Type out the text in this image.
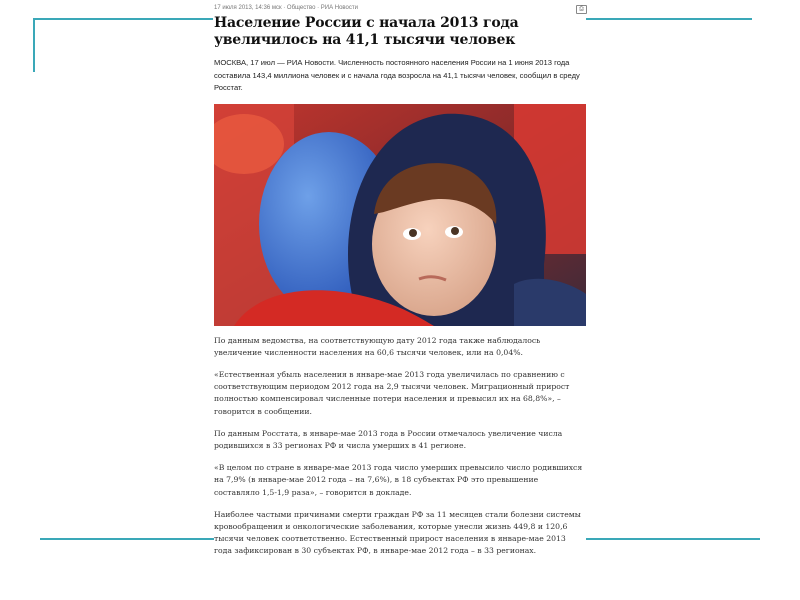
17 июля 2013, 14:36 мск · Общество · РИА Новости	⎙
Население России с начала 2013 года увеличилось на 41,1 тысячи человек

МОСКВА, 17 июл — РИА Новости. Численность постоянного населения России на 1 июня 2013 года составила 143,4 миллиона человек и с начала года возросла на 41,1 тысячи человек, сообщил в среду Росстат.

По данным ведомства, на соответствующую дату 2012 года также наблюдалось увеличение численности населения на 60,6 тысячи человек, или на 0,04%.

«Естественная убыль населения в январе-мае 2013 года увеличилась по сравнению с соответствующим периодом 2012 года на 2,9 тысячи человек. Миграционный прирост полностью компенсировал численные потери населения и превысил их на 68,8%», – говорится в сообщении.

По данным Росстата, в январе-мае 2013 года в России отмечалось увеличение числа родившихся в 33 регионах РФ и числа умерших в 41 регионе.

«В целом по стране в январе-мае 2013 года число умерших превысило число родившихся на 7,9% (в январе-мае 2012 года – на 7,6%), в 18 субъектах РФ это превышение составляло 1,5-1,9 раза», – говорится в докладе.

Наиболее частыми причинами смерти граждан РФ за 11 месяцев стали болезни системы кровообращения и онкологические заболевания, которые унесли жизнь 449,8 и 120,6 тысячи человек соответственно. Естественный прирост населения в январе-мае 2013 года зафиксирован в 30 субъектах РФ, в январе-мае 2012 года – в 33 регионах.
